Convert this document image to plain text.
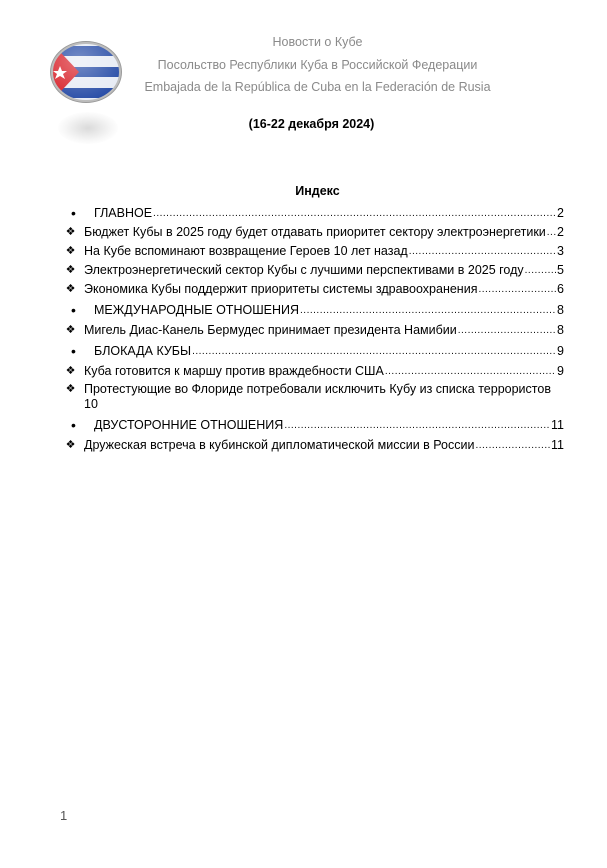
Новости о Кубе
Посольство Республики Куба в Российской Федерации
Embajada de la República de Cuba en la Federación de Rusia
(16-22 декабря 2024)
Индекс
•	ГЛАВНОЕ .....	2
❖ Бюджет Кубы в 2025 году будет отдавать приоритет сектору электроэнергетики ..... 2
❖ На Кубе вспоминают возвращение Героев 10 лет назад .....	3
❖ Электроэнергетический сектор Кубы с лучшими перспективами в 2025 году .....	5
❖ Экономика Кубы поддержит приоритеты системы здравоохранения .....	6
•	МЕЖДУНАРОДНЫЕ ОТНОШЕНИЯ .....	8
❖ Мигель Диас-Канель Бермудес принимает президента Намибии .....	8
•	БЛОКАДА КУБЫ .....	9
❖ Куба готовится к маршу против враждебности США .....	9
❖ Протестующие во Флориде потребовали исключить Кубу из списка террористов 10
•	ДВУСТОРОННИЕ ОТНОШЕНИЯ .....	11
❖ Дружеская встреча в кубинской дипломатической миссии в России .....	11
1
